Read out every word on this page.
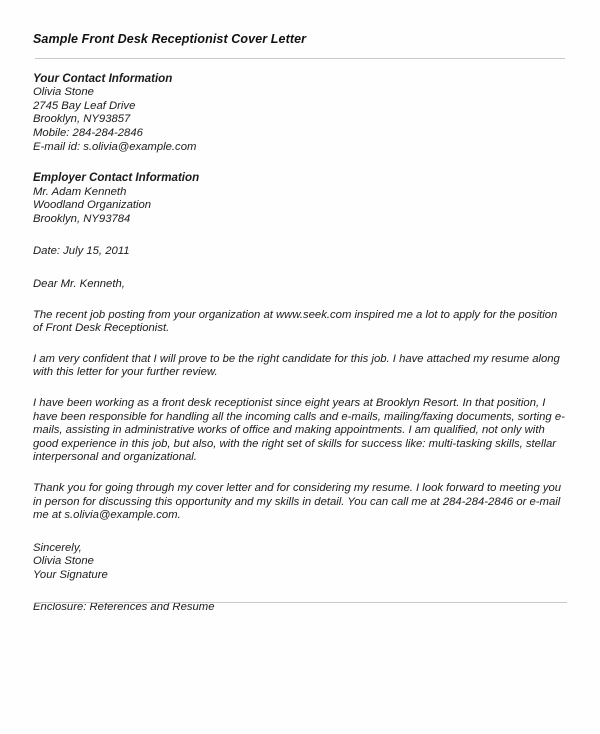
Sample Front Desk Receptionist Cover Letter

Your Contact Information

Olivia Stone

2745 Bay Leaf Drive

Brooklyn, NY93857

Mobile: 284-284-2846

E-mail id: s.olivia@example.com

Employer Contact Information

Mr. Adam Kenneth

Woodland Organization

Brooklyn, NY93784

Date: July 15, 2011

Dear Mr. Kenneth,

The recent job posting from your organization at www.seek.com inspired me a lot to apply for the position of Front Desk Receptionist.

I am very confident that I will prove to be the right candidate for this job. I have attached my resume along with this letter for your further review.

I have been working as a front desk receptionist since eight years at Brooklyn Resort. In that position, I have been responsible for handling all the incoming calls and e-mails, mailing/faxing documents, sorting e-mails, assisting in administrative works of office and making appointments. I am qualified, not only with good experience in this job, but also, with the right set of skills for success like: multi-tasking skills, stellar interpersonal and organizational.

Thank you for going through my cover letter and for considering my resume. I look forward to meeting you in person for discussing this opportunity and my skills in detail. You can call me at 284-284-2846 or e-mail me at s.olivia@example.com.

Sincerely,

Olivia Stone

Your Signature

Enclosure: References and Resume
